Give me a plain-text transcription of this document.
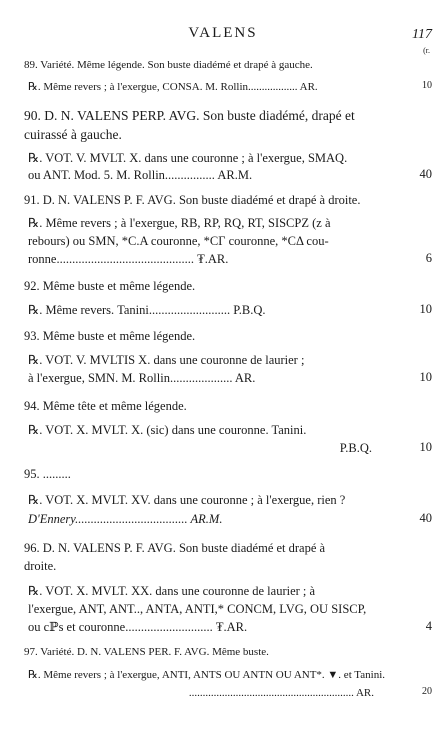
VALENS	117
(r.
89. Variété. Même légende. Son buste diadémé et drapé à gauche.
℞. Même revers ; à l'exergue, CONSA. M. Rollin.................. AR.	10
90. D. N. VALENS PERP. AVG. Son buste diadémé, drapé et
cuirassé à gauche.
℞. VOT. V. MVLT. X. dans une couronne ; à l'exergue, SMAQ.
ou ANT. Mod. 5. M. Rollin................ AR.M.	40
91. D. N. VALENS P. F. AVG. Son buste diadémé et drapé à droite.
℞. Même revers ; à l'exergue, RB, RP, RQ, RT, SISCPZ (z à
rebours) ou SMN, *C.A couronne, *CΓ couronne, *CΔ cou-
ronne............................................ ₮.AR.	6
92. Même buste et même légende.
℞. Même revers. Tanini.......................... P.B.Q.	10
93. Même buste et même légende.
℞. VOT. V. MVLTIS X. dans une couronne de laurier ;
à l'exergue, SMN. M. Rollin.................... AR.	10
94. Même tête et même légende.
℞. VOT. X. MVLT. X. (sic) dans une couronne. Tanini.
P.B.Q.	10
95. .........
℞. VOT. X. MVLT. XV. dans une couronne ; à l'exergue, rien ?
D'Ennery.................................... AR.M.	40
96. D. N. VALENS P. F. AVG. Son buste diadémé et drapé à
droite.
℞. VOT. X. MVLT. XX. dans une couronne de laurier ; à
l'exergue, ANT, ANT.., ANTA, ANTI,* CONCM, LVG, OU SISCP,
ou cℙs et couronne............................ ₮.AR.	4
97. Variété. D. N. VALENS PER. F. AVG. Même buste.
℞. Même revers ; à l'exergue, ANTI, ANTS OU ANTN OU ANT*. ▼. et Tanini.
............................................................ AR.	20
